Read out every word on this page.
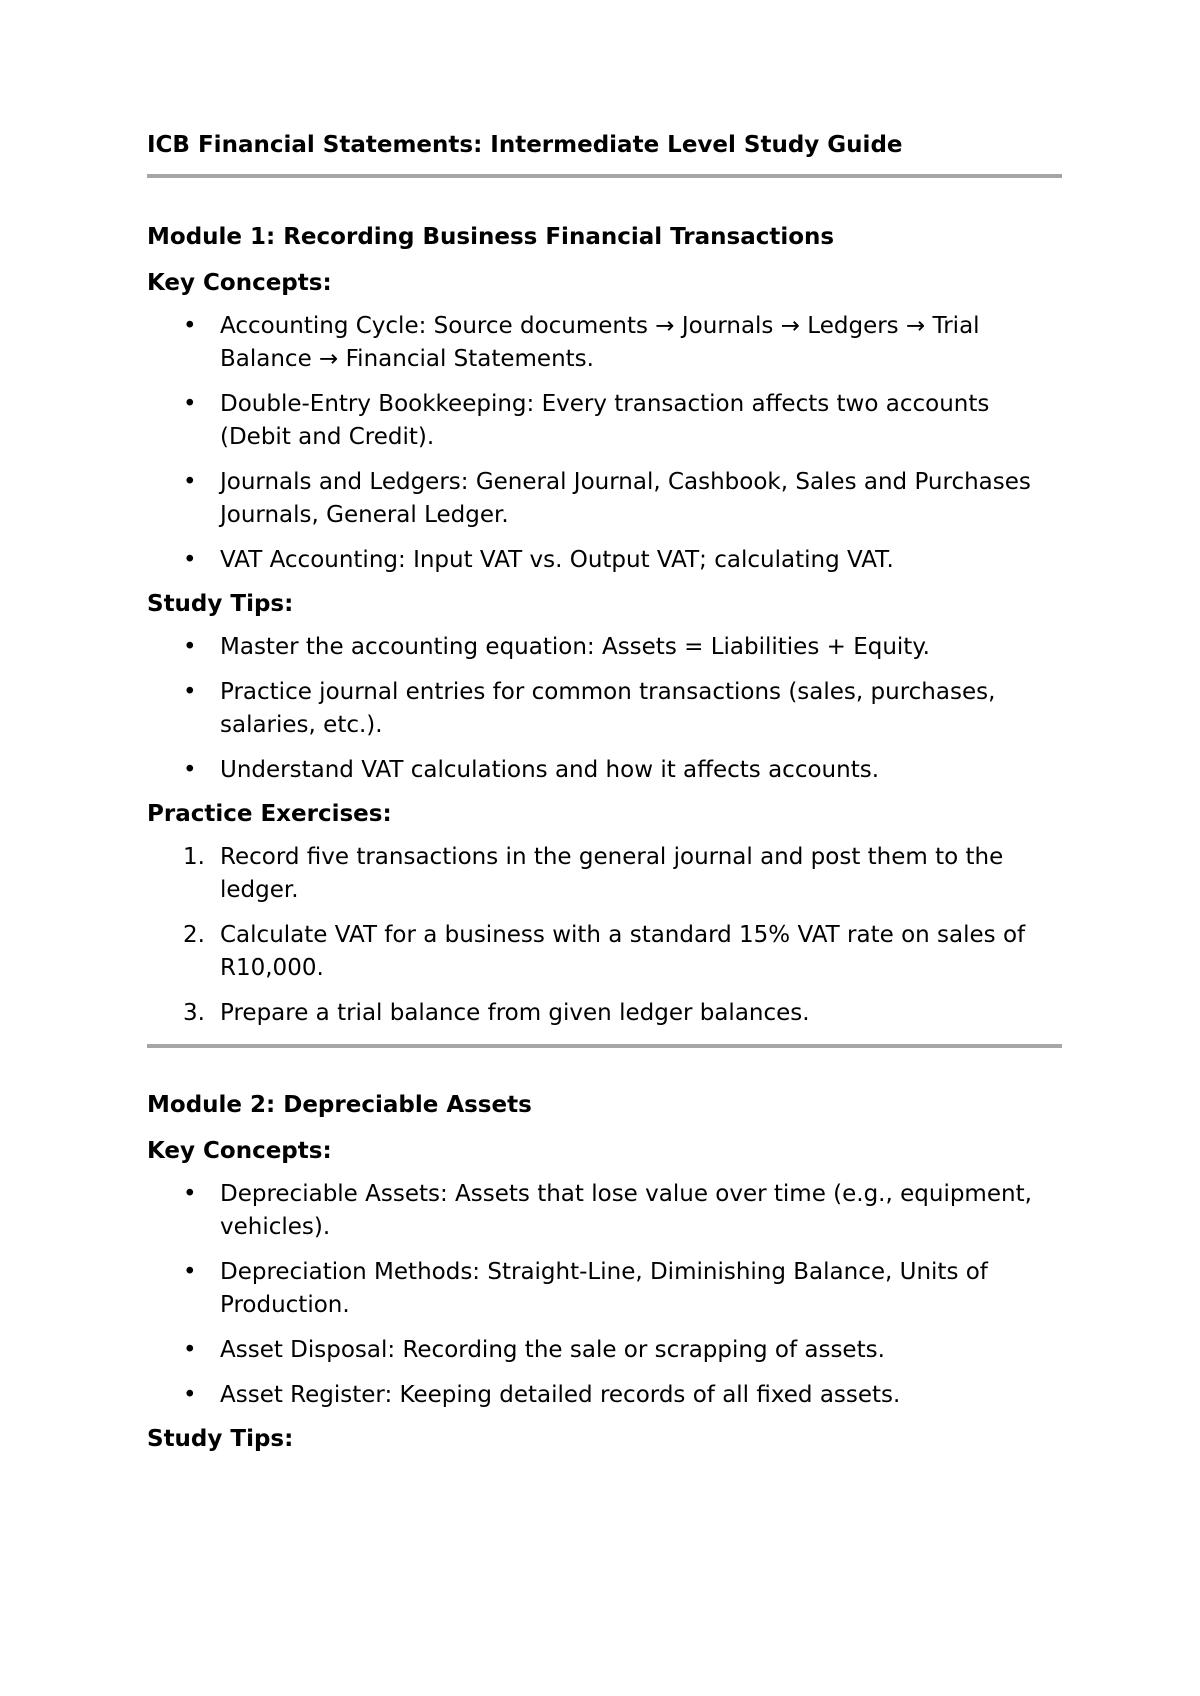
ICB Financial Statements: Intermediate Level Study Guide
Module 1: Recording Business Financial Transactions
Key Concepts:
• Accounting Cycle: Source documents → Journals → Ledgers → Trial Balance → Financial Statements.
• Double-Entry Bookkeeping: Every transaction affects two accounts (Debit and Credit).
• Journals and Ledgers: General Journal, Cashbook, Sales and Purchases Journals, General Ledger.
• VAT Accounting: Input VAT vs. Output VAT; calculating VAT.
Study Tips:
• Master the accounting equation: Assets = Liabilities + Equity.
• Practice journal entries for common transactions (sales, purchases, salaries, etc.).
• Understand VAT calculations and how it affects accounts.
Practice Exercises:
1. Record five transactions in the general journal and post them to the ledger.
2. Calculate VAT for a business with a standard 15% VAT rate on sales of R10,000.
3. Prepare a trial balance from given ledger balances.
Module 2: Depreciable Assets
Key Concepts:
• Depreciable Assets: Assets that lose value over time (e.g., equipment, vehicles).
• Depreciation Methods: Straight-Line, Diminishing Balance, Units of Production.
• Asset Disposal: Recording the sale or scrapping of assets.
• Asset Register: Keeping detailed records of all fixed assets.
Study Tips:
